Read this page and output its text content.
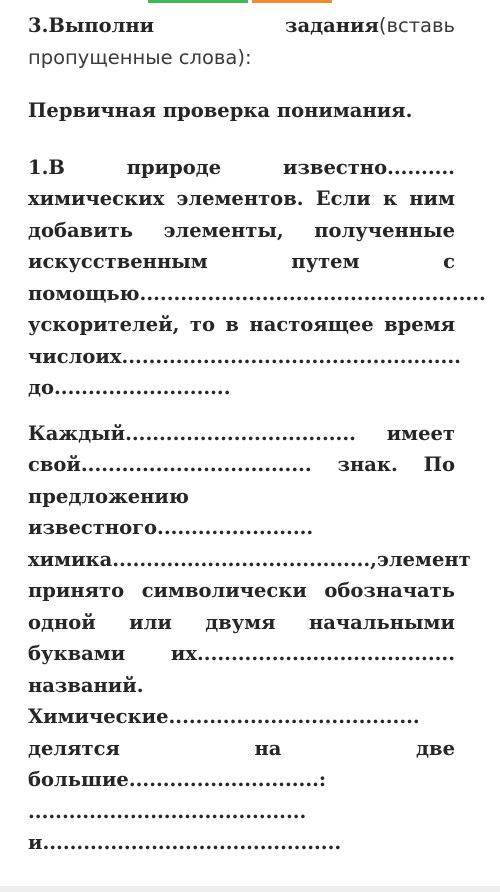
3.Выполни	задания(вставь
пропущенные слова):
Первичная проверка понимания.
1.В	природе	известно..........
химических элементов. Если к ним
добавить элементы, полученные
искусственным	путем	с
помощью...................................................
ускорителей, то в настоящее время
число их..................................................
до..........................
Каждый.................................. имеет
свой.................................. знак. По
предложению
известного.......................
химика......................................, элемент
принято символически обозначать
одной или двумя начальными
буквами их......................................
названий.
Химические.....................................
делятся	на	две
большие............................:
.........................................
и............................................
